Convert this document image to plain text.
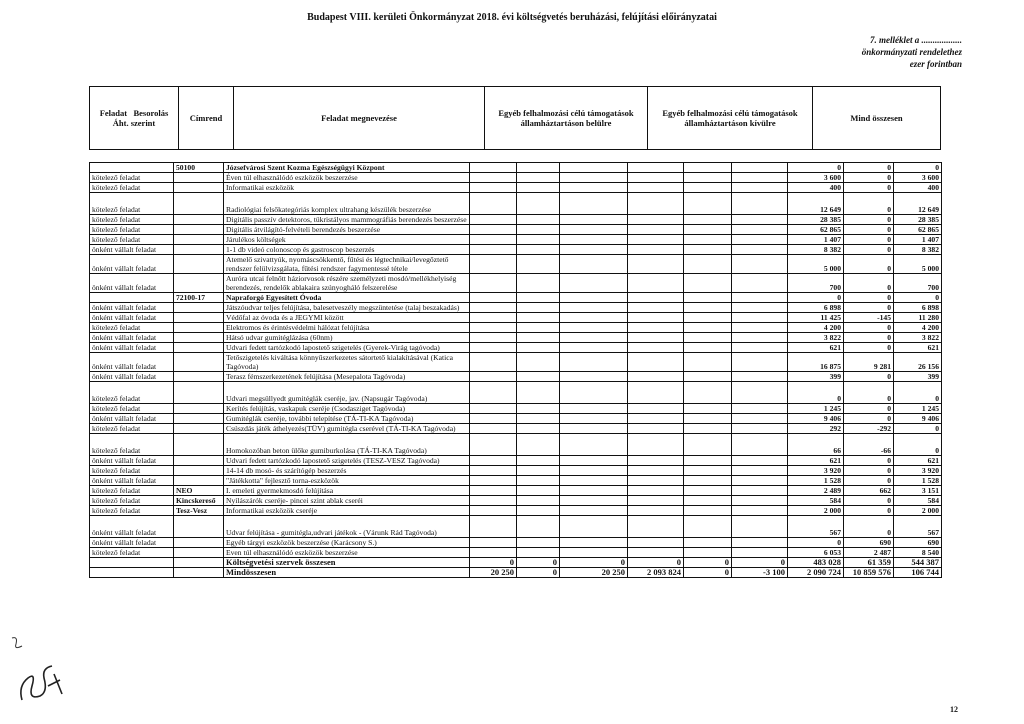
Budapest VIII. kerületi Önkormányzat 2018. évi költségvetés beruházási, felújítási előirányzatai
7. melléklet a ..................
önkormányzati rendelethez
ezer forintban
Feladat Besorolás
Áht. szerint	Címrend	Feladat megnevezése	Egyéb felhalmozási célú támogatások
államháztartáson belülre

Egyéb felhalmozási célú támogatások
államháztartáson kívülre	Mind összesen
	50100	Józsefvárosi Szent Kozma Egészségügyi Központ							0	0	0
kötelező feladat		Éven túl elhasználódó eszközök beszerzése							3 600	0	3 600
kötelező feladat		Informatikai eszközök							400	0	400
kötelező feladat		Radiológiai felsőkategóriás komplex ultrahang készülék beszerzése							12 649	0	12 649
kötelező feladat		Digitális passzív detektoros, tükristályos mammográfiás berendezés beszerzése							28 385	0	28 385
kötelező feladat		Digitális átvilágító-felvételi berendezés beszerzése							62 865	0	62 865
kötelező feladat		Járulékos költségek							1 407	0	1 407
önként vállalt feladat		1-1 db videó colonoscop és gastroscop beszerzés							8 382	0	8 382
önként vállalt feladat		Atemelő szivattyúk, nyomáscsökkentő, fűtési és légtechnikai/levegőztető rendszer felülvizsgálata, fűtési rendszer fagymentessé tétele							5 000	0	5 000
önként vállalt feladat		Auróra utcai felnőtt háziorvosok részére személyzeti mosdó/mellékhelyiség berendezés, rendelők ablakaira szúnyogháló felszerelése							700	0	700
	72100-17	Napraforgó Egyesített Óvoda							0	0	0
önként vállalt feladat		Játszóudvar teljes felújítása, balesetveszély megszüntetése (talaj beszakadás)							6 898	0	6 898
önként vállalt feladat		Védőfal az óvoda és a JEGYMI között							11 425	-145	11 280
kötelező feladat		Elektromos és érintésvédelmi hálózat felújítása							4 200	0	4 200
önként vállalt feladat		Hátsó udvar gumitéglázása (60nm)							3 822	0	3 822
önként vállalt feladat		Udvari fedett tartózkodó lapostető szigetelés (Gyerek-Virág tagóvoda)							621	0	621
önként vállalt feladat		Tetőszigetelés kiváltása könnyűszerkezetes sátortető kialakításával (Katica Tagóvoda)							16 875	9 281	26 156
önként vállalt feladat		Terasz fémszerkezetének felújítása (Mesepalota Tagóvoda)							399	0	399
kötelező feladat		Udvari megsüllyedt gumitéglák cseréje, jav. (Napsugár Tagóvoda)							0	0	0
kötelező feladat		Kerítés felújítás, vaskapuk cseréje (Csodasziget Tagóvoda)							1 245	0	1 245
önként vállalt feladat		Gumitéglák cseréje, további telepítése (TÁ-TI-KA Tagóvoda)							9 406	0	9 406
kötelező feladat		Csúszdás játék áthelyezés(TÜV) gumitégla cserével (TÁ-TI-KA Tagóvoda)							292	-292	0
kötelező feladat		Homokozóban beton ülőke gumiburkolása (TÁ-TI-KA Tagóvoda)							66	-66	0
önként vállalt feladat		Udvari fedett tartózkodó lapostető szigetelés (TESZ-VESZ Tagóvoda)							621	0	621
kötelező feladat		14-14 db mosó- és szárítógép beszerzés							3 920	0	3 920
önként vállalt feladat		"Játékkotta" fejlesztő torna-eszközök							1 528	0	1 528
kötelező feladat	NEO	I. emeleti gyermekmosdó felújítása							2 489	662	3 151
kötelező feladat	Kincskereső	Nyílászárók cseréje- pincei szint ablak cseréi							584	0	584
kötelező feladat	Tesz-Vesz	Informatikai eszközök cseréje							2 000	0	2 000
önként vállalt feladat		Udvar felújítása - gumitégla,udvari játékok - (Várunk Rád Tagóvoda)							567	0	567
önként vállalt feladat		Egyéb tárgyi eszközök beszerzése (Karácsony S.)							0	690	690
kötelező feladat		Even túl elhasználódó eszközök beszerzése							6 053	2 487	8 540
		Költségvetési szervek összesen	0	0	0	0	0	0	483 028	61 359	544 387
		Mindösszesen	20 250	0	20 250	2 093 824	0	-3 100	2 090 724	10 859 576	106 744
12
